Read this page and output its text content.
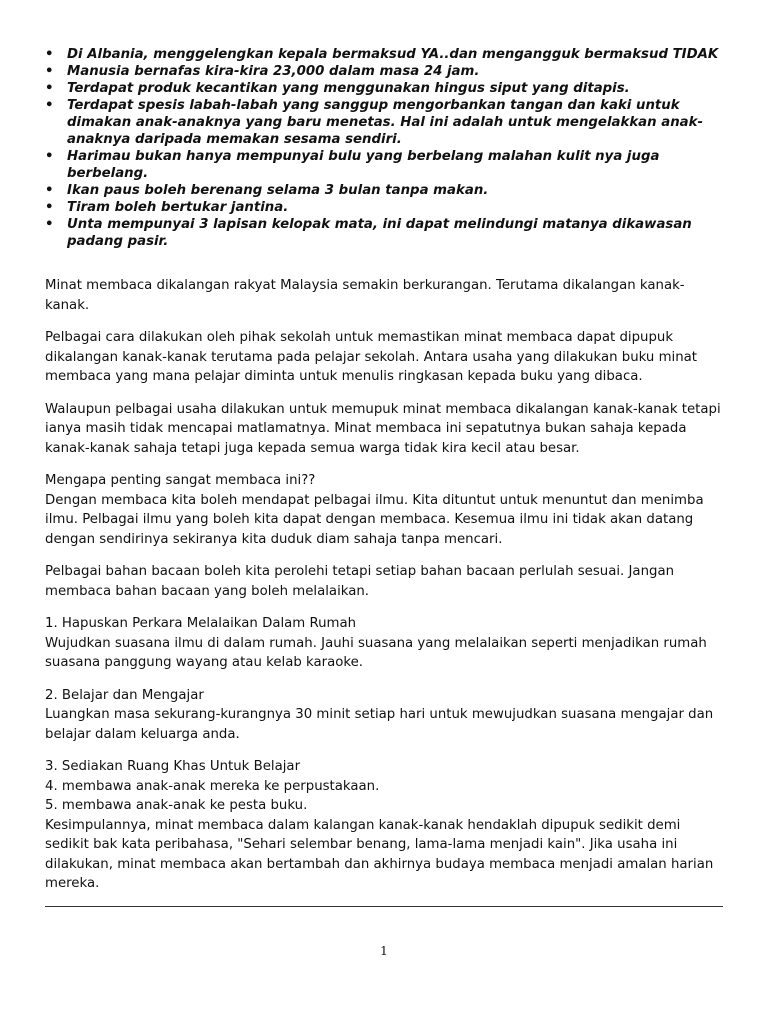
• Di Albania, menggelengkan kepala bermaksud YA..dan mengangguk bermaksud TIDAK
• Manusia bernafas kira-kira 23,000 dalam masa 24 jam.
• Terdapat produk kecantikan yang menggunakan hingus siput yang ditapis.
• Terdapat spesis labah-labah yang sanggup mengorbankan tangan dan kaki untuk dimakan anak-anaknya yang baru menetas. Hal ini adalah untuk mengelakkan anak-anaknya daripada memakan sesama sendiri.
• Harimau bukan hanya mempunyai bulu yang berbelang malahan kulit nya juga berbelang.
• Ikan paus boleh berenang selama 3 bulan tanpa makan.
• Tiram boleh bertukar jantina.
• Unta mempunyai 3 lapisan kelopak mata, ini dapat melindungi matanya dikawasan padang pasir.

Minat membaca dikalangan rakyat Malaysia semakin berkurangan. Terutama dikalangan kanak-kanak.

Pelbagai cara dilakukan oleh pihak sekolah untuk memastikan minat membaca dapat dipupuk dikalangan kanak-kanak terutama pada pelajar sekolah. Antara usaha yang dilakukan buku minat membaca yang mana pelajar diminta untuk menulis ringkasan kepada buku yang dibaca.

Walaupun pelbagai usaha dilakukan untuk memupuk minat membaca dikalangan kanak-kanak tetapi ianya masih tidak mencapai matlamatnya. Minat membaca ini sepatutnya bukan sahaja kepada kanak-kanak sahaja tetapi juga kepada semua warga tidak kira kecil atau besar.

Mengapa penting sangat membaca ini??
Dengan membaca kita boleh mendapat pelbagai ilmu. Kita dituntut untuk menuntut dan menimba ilmu. Pelbagai ilmu yang boleh kita dapat dengan membaca. Kesemua ilmu ini tidak akan datang dengan sendirinya sekiranya kita duduk diam sahaja tanpa mencari.

Pelbagai bahan bacaan boleh kita perolehi tetapi setiap bahan bacaan perlulah sesuai. Jangan membaca bahan bacaan yang boleh melalaikan.

1. Hapuskan Perkara Melalaikan Dalam Rumah
Wujudkan suasana ilmu di dalam rumah. Jauhi suasana yang melalaikan seperti menjadikan rumah suasana panggung wayang atau kelab karaoke.

2. Belajar dan Mengajar
Luangkan masa sekurang-kurangnya 30 minit setiap hari untuk mewujudkan suasana mengajar dan belajar dalam keluarga anda.

3. Sediakan Ruang Khas Untuk Belajar
4. membawa anak-anak mereka ke perpustakaan.
5. membawa anak-anak ke pesta buku.
Kesimpulannya, minat membaca dalam kalangan kanak-kanak hendaklah dipupuk sedikit demi sedikit bak kata peribahasa, "Sehari selembar benang, lama-lama menjadi kain". Jika usaha ini dilakukan, minat membaca akan bertambah dan akhirnya budaya membaca menjadi amalan harian mereka.

1
